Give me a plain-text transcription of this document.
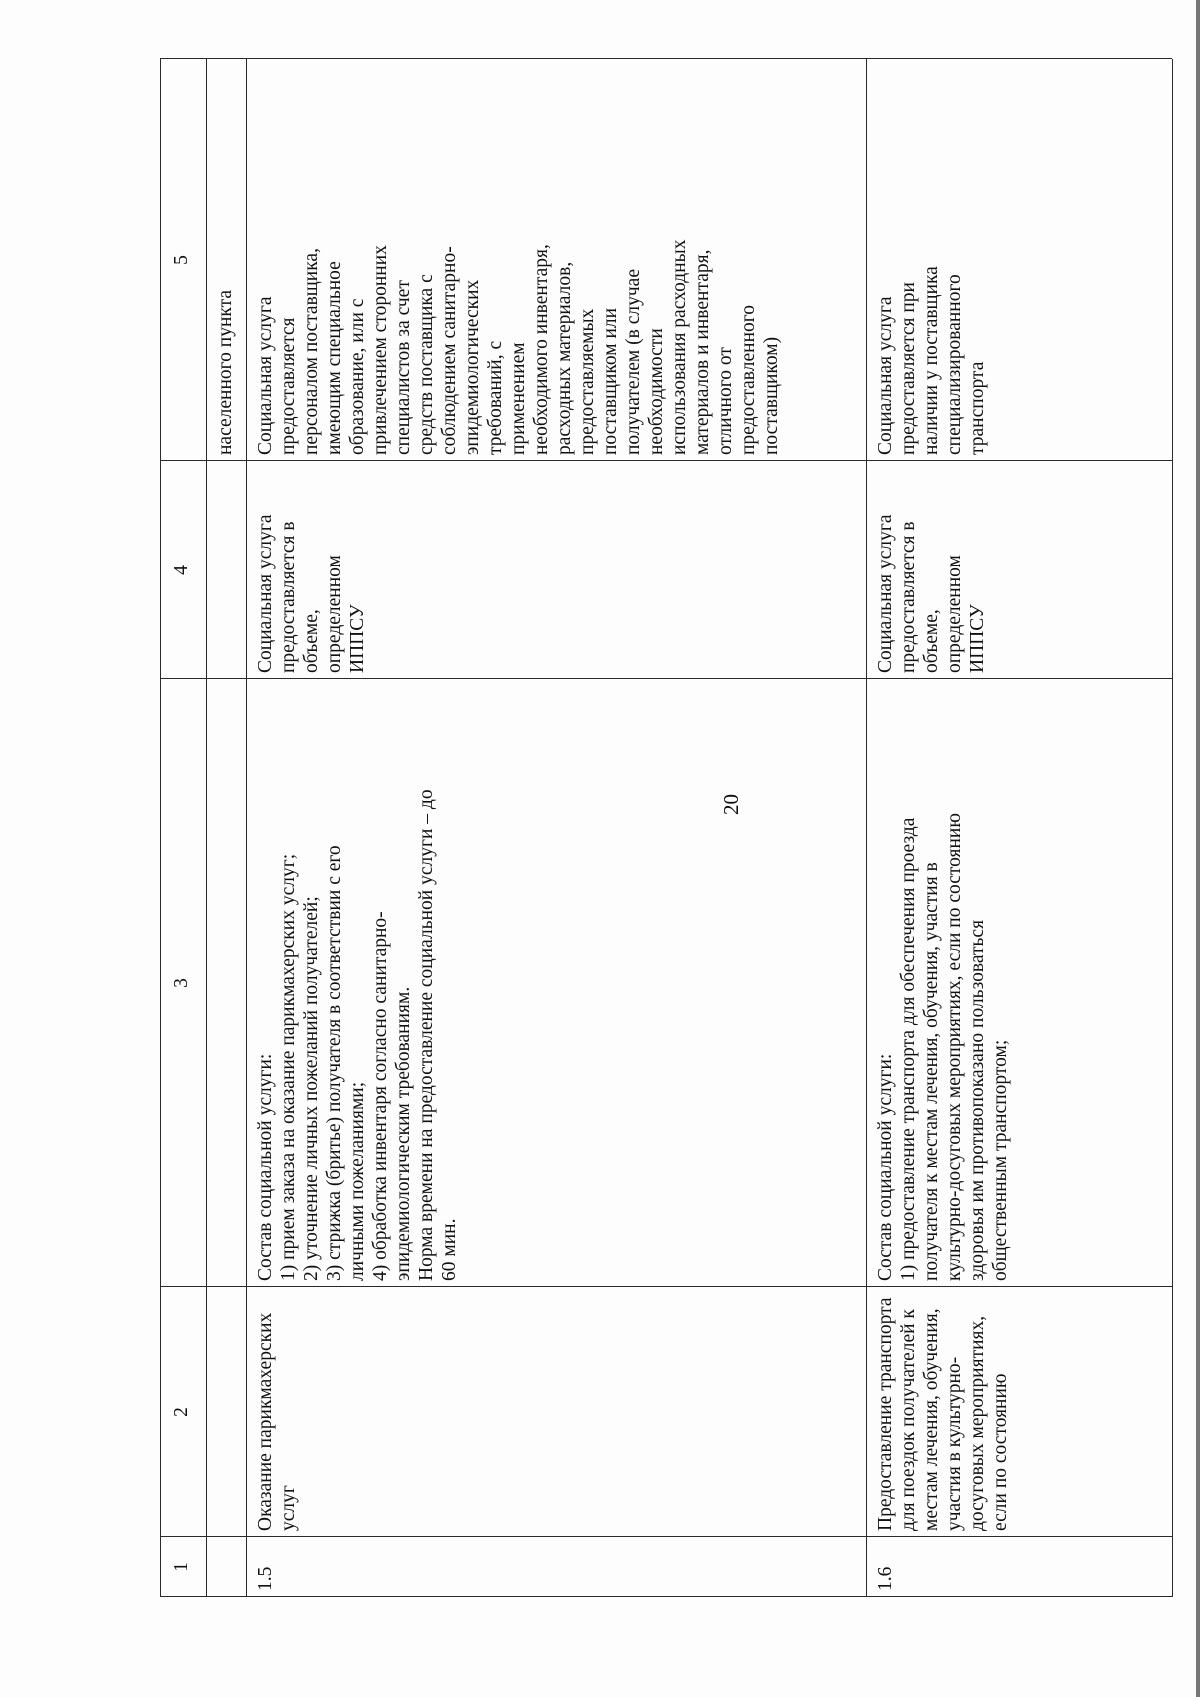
20
1
2
3
4
5
населенного пункта
1.5
Оказание парикмахерских
услуг
Состав социальной услуги:
1) прием заказа на оказание парикмахерских услуг;
2) уточнение личных пожеланий получателей;
3) стрижка (бритье) получателя в соответствии с его
личными пожеланиями;
4) обработка инвентаря согласно санитарно-
эпидемиологическим требованиям.
Норма времени на предоставление социальной услуги – до
60 мин.
Социальная услуга
предоставляется в
объеме,
определенном
ИППСУ
Социальная услуга
предоставляется
персоналом поставщика,
имеющим специальное
образование, или с
привлечением сторонних
специалистов за счет
средств поставщика с
соблюдением санитарно-
эпидемиологических
требований, с
применением
необходимого инвентаря,
расходных материалов,
предоставляемых
поставщиком или
получателем (в случае
необходимости
использования расходных
материалов и инвентаря,
отличного от
предоставленного
поставщиком)
1.6
Предоставление транспорта
для поездок получателей к
местам лечения, обучения,
участия в культурно-
досуговых мероприятиях,
если по состоянию
Состав социальной услуги:
1) предоставление транспорта для обеспечения проезда
получателя к местам лечения, обучения, участия в
культурно-досуговых мероприятиях, если по состоянию
здоровья им противопоказано пользоваться
общественным транспортом;
Социальная услуга
предоставляется в
объеме,
определенном
ИППСУ
Социальная услуга
предоставляется при
наличии у поставщика
специализированного
транспорта
